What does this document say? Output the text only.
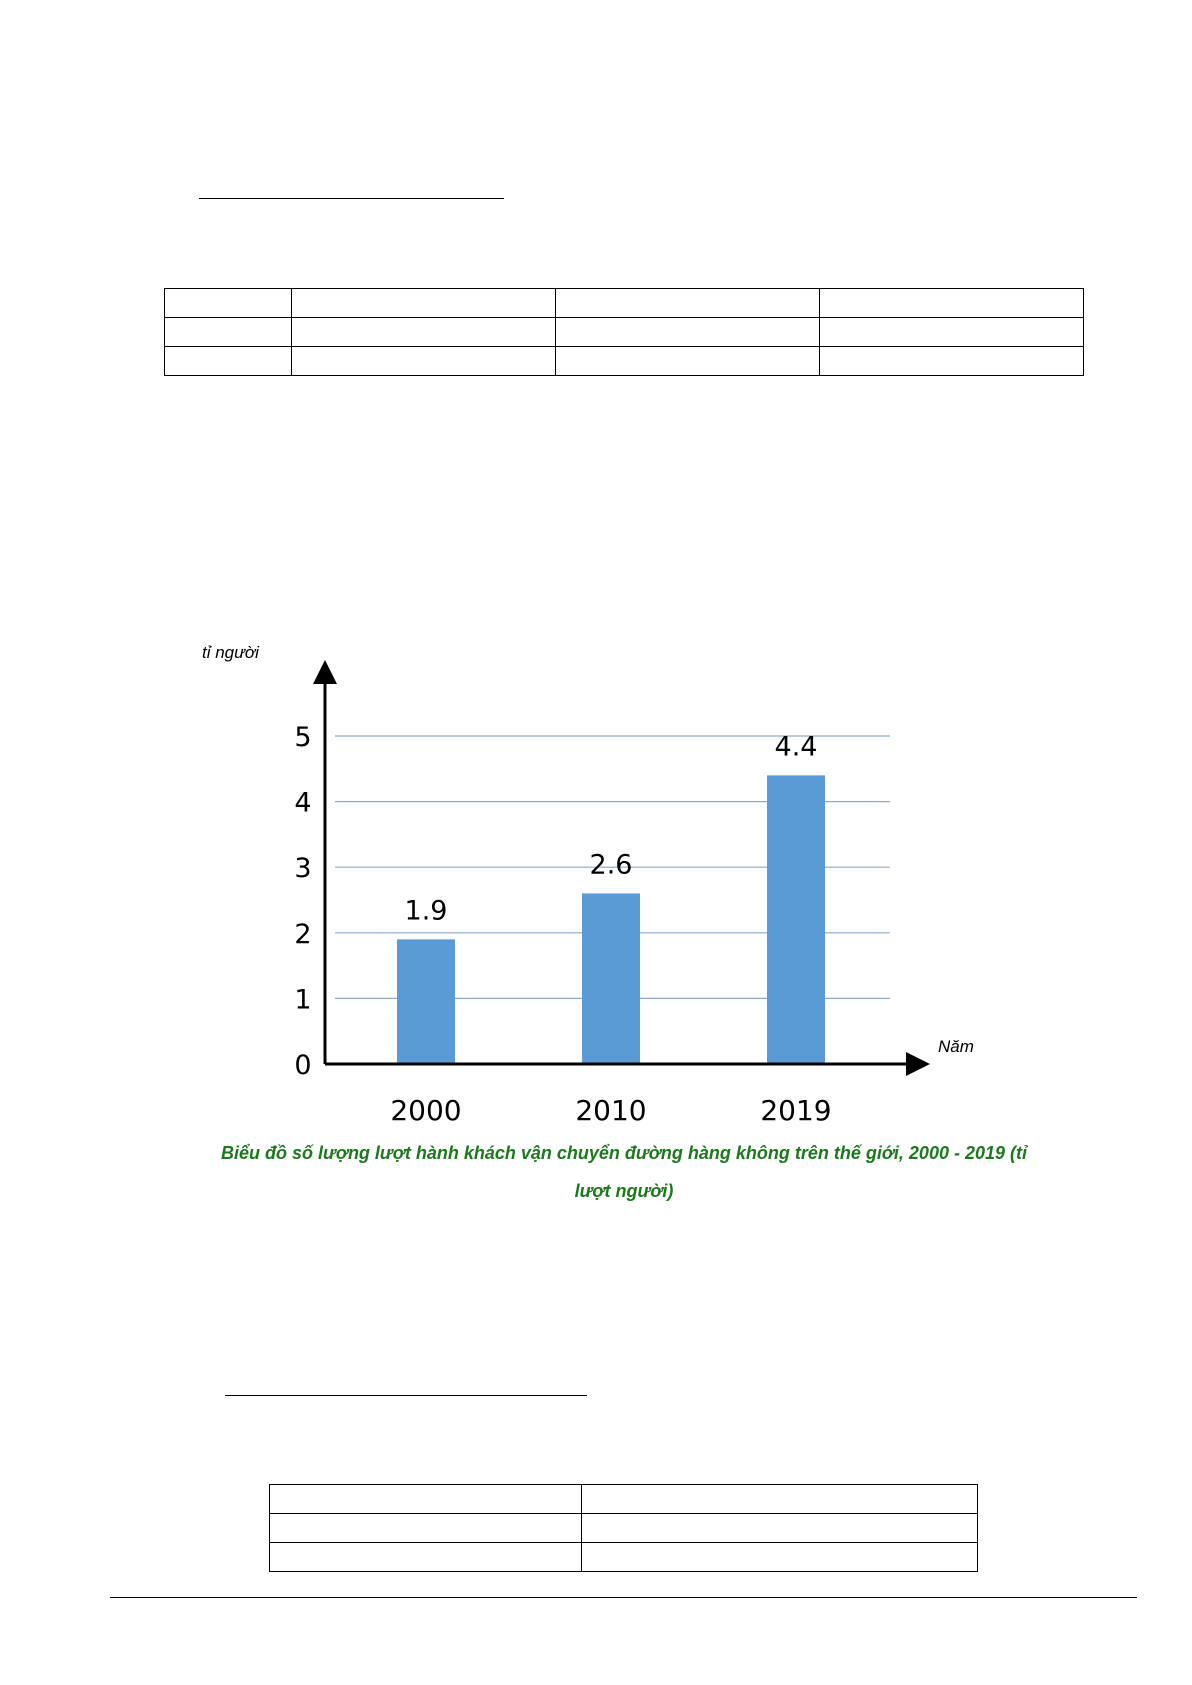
0
1
2
3
4
5
2000	2010	2019
1.9
2.6
4.4
tỉ người
Năm
Biểu đồ số lượng lượt hành khách vận chuyển đường hàng không trên thế giới, 2000 - 2019 (tỉ
lượt người)
